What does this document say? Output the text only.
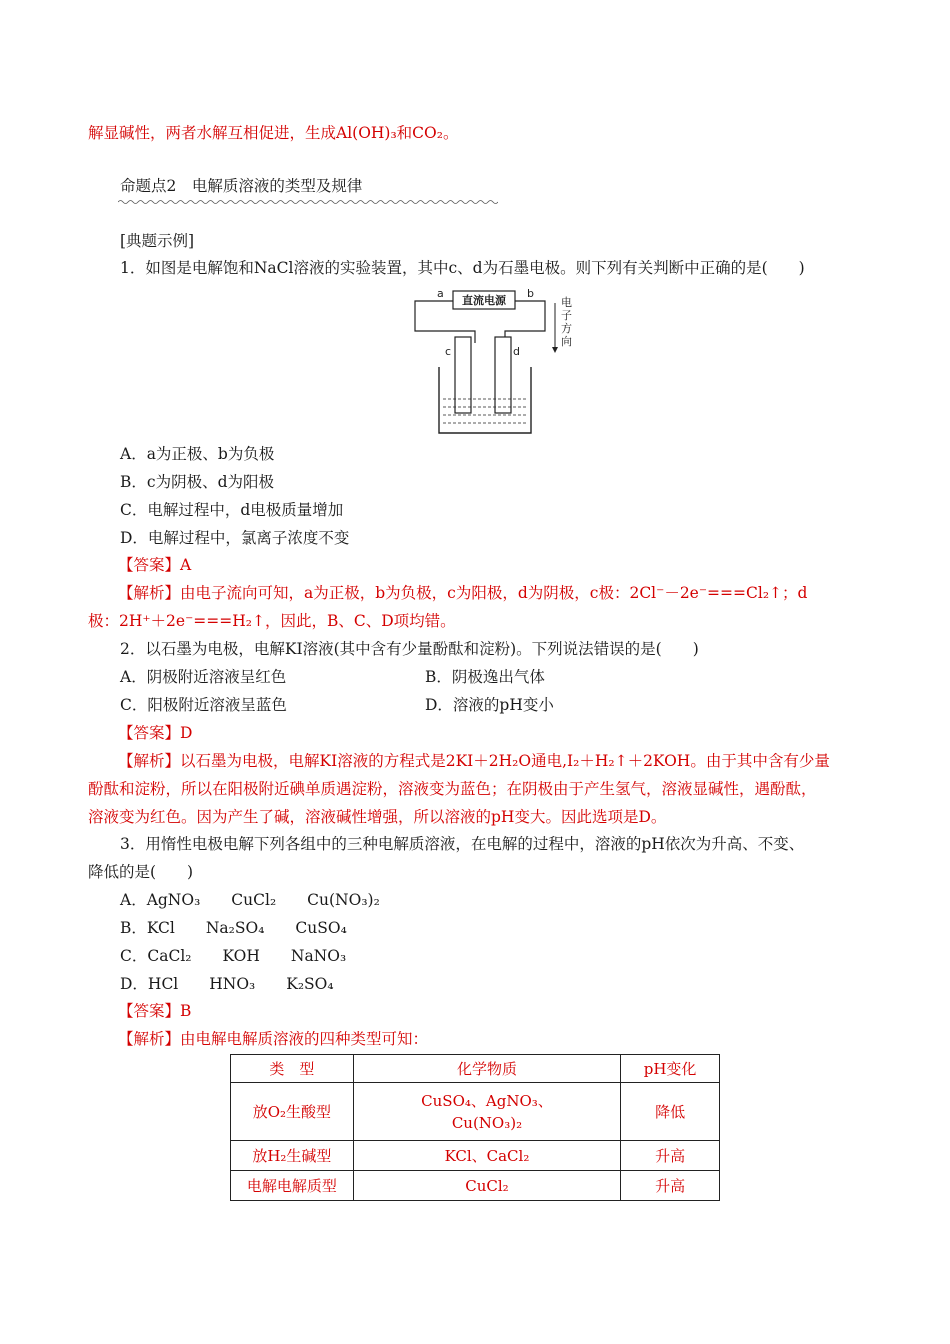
解显碱性，两者水解互相促进，生成Al(OH)₃和CO₂。
命题点2　电解质溶液的类型及规律
[典题示例]
1．如图是电解饱和NaCl溶液的实验装置，其中c、d为石墨电极。则下列有关判断中正确的是(　　)
直流电源
a	b
电
子
方
向
c	d
A．a为正极、b为负极
B．c为阴极、d为阳极
C．电解过程中，d电极质量增加
D．电解过程中，氯离子浓度不变
【答案】A
【解析】由电子流向可知，a为正极，b为负极，c为阳极，d为阴极，c极：2Cl⁻－2e⁻===Cl₂↑；d
极：2H⁺＋2e⁻===H₂↑，因此，B、C、D项均错。
2．以石墨为电极，电解KI溶液(其中含有少量酚酞和淀粉)。下列说法错误的是(　　)
A．阴极附近溶液呈红色	B．阴极逸出气体
C．阳极附近溶液呈蓝色	D．溶液的pH变小
【答案】D
【解析】以石墨为电极，电解KI溶液的方程式是2KI＋2H₂O通电,I₂＋H₂↑＋2KOH。由于其中含有少量
酚酞和淀粉，所以在阳极附近碘单质遇淀粉，溶液变为蓝色；在阴极由于产生氢气，溶液显碱性，遇酚酞，
溶液变为红色。因为产生了碱，溶液碱性增强，所以溶液的pH变大。因此选项是D。
3．用惰性电极电解下列各组中的三种电解质溶液，在电解的过程中，溶液的pH依次为升高、不变、
降低的是(　　)
A．AgNO₃　　CuCl₂　　Cu(NO₃)₂
B．KCl　　Na₂SO₄　　CuSO₄
C．CaCl₂　　KOH　　NaNO₃
D．HCl　　HNO₃　　K₂SO₄
【答案】B
【解析】由电解电解质溶液的四种类型可知：
类　型	化学物质	pH变化
放O₂生酸型	CuSO₄、AgNO₃、
Cu(NO₃)₂	降低
放H₂生碱型	KCl、CaCl₂	升高
电解电解质型	CuCl₂	升高
